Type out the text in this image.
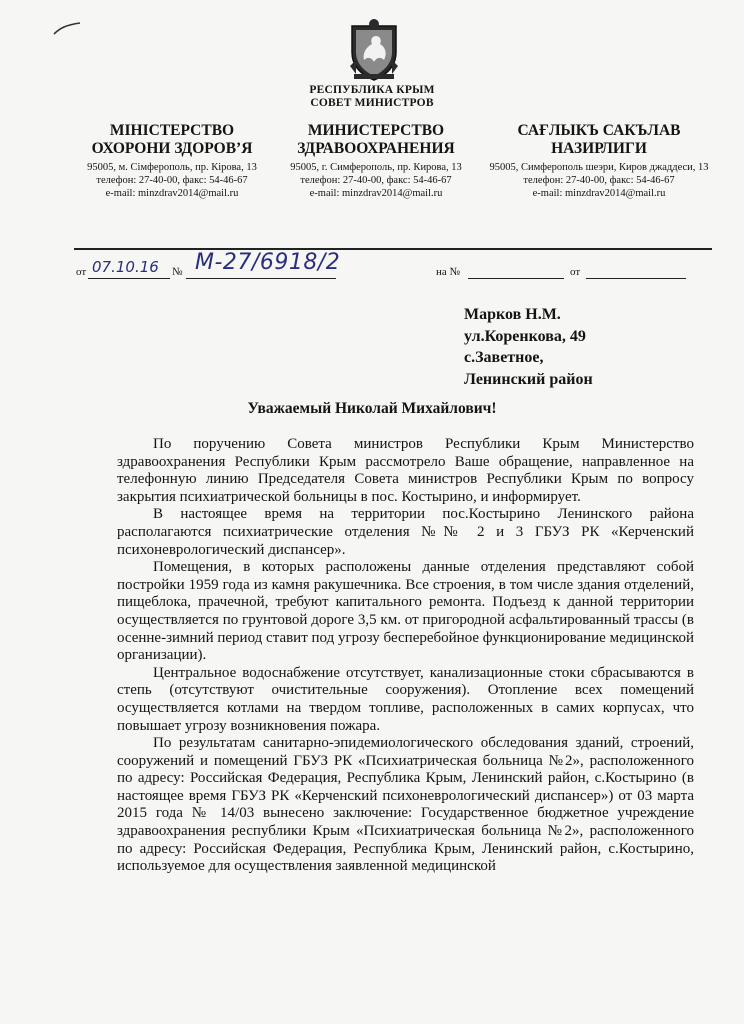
РЕСПУБЛИКА КРЫМ
СОВЕТ МИНИСТРОВ
МІНІСТЕРСТВО
ОХОРОНИ ЗДОРОВ’Я
95005, м. Сімферополь, пр. Кірова, 13
телефон: 27-40-00, факс: 54-46-67
e-mail: minzdrav2014@mail.ru
МИНИСТЕРСТВО
ЗДРАВООХРАНЕНИЯ
95005, г. Симферополь, пр. Кирова, 13
телефон: 27-40-00, факс: 54-46-67
e-mail: minzdrav2014@mail.ru
САҒЛЫКЪ САКЪЛАВ
НАЗИРЛИГИ
95005, Симферополь шеэри, Киров джаддеси, 13
телефон: 27-40-00, факс: 54-46-67
e-mail: minzdrav2014@mail.ru
от 07.10.16 № М-27/6918/2	на №	от
Марков Н.М.
ул.Коренкова, 49
с.Заветное,
Ленинский район
Уважаемый Николай Михайлович!

По поручению Совета министров Республики Крым Министерство здравоохранения Республики Крым рассмотрело Ваше обращение, направленное на телефонную линию Председателя Совета министров Республики Крым по вопросу закрытия психиатрической больницы в пос. Костырино, и информирует.

В настоящее время на территории пос.Костырино Ленинского района располагаются психиатрические отделения №№ 2 и 3 ГБУЗ РК «Керченский психоневрологический диспансер».

Помещения, в которых расположены данные отделения представляют собой постройки 1959 года из камня ракушечника. Все строения, в том числе здания отделений, пищеблока, прачечной, требуют капитального ремонта. Подъезд к данной территории осуществляется по грунтовой дороге 3,5 км. от пригородной асфальтированный трассы (в осенне-зимний период ставит под угрозу бесперебойное функционирование медицинской организации).

Центральное водоснабжение отсутствует, канализационные стоки сбрасываются в степь (отсутствуют очистительные сооружения). Отопление всех помещений осуществляется котлами на твердом топливе, расположенных в самих корпусах, что повышает угрозу возникновения пожара.

По результатам санитарно-эпидемиологического обследования зданий, строений, сооружений и помещений ГБУЗ РК «Психиатрическая больница №2», расположенного по адресу: Российская Федерация, Республика Крым, Ленинский район, с.Костырино (в настоящее время ГБУЗ РК «Керченский психоневрологический диспансер») от 03 марта 2015 года № 14/03 вынесено заключение: Государственное бюджетное учреждение здравоохранения республики Крым «Психиатрическая больница №2», расположенного по адресу: Российская Федерация, Республика Крым, Ленинский район, с.Костырино, используемое для осуществления заявленной медицинской
